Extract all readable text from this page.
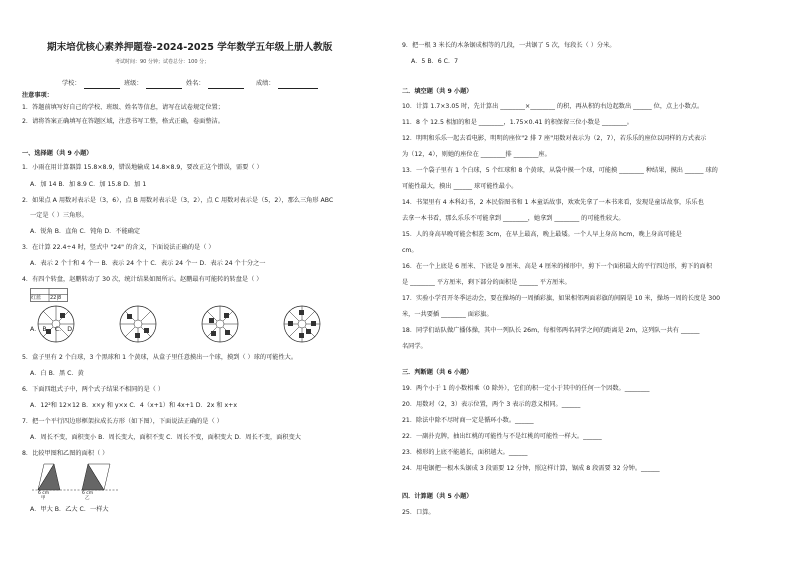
期末培优核心素养押题卷-2024-2025 学年数学五年级上册人教版
考试时间：90 分钟；试卷总分：100 分；
学校：	班级：	姓名：	成绩：
注意事项：
1．答题前填写好自己的学校、班级、姓名等信息，请写在试卷规定位置；
2．请将答案正确填写在答题区域，注意书写工整，格式正确，卷面整洁。
一、选择题（共 9 小题）
1．小雨在用计算器算 15.8×8.9，错误地输成 14.8×8.9，要改正这个错误，需要（ ）
A．加 14 B．加 8.9 C．加 15.8 D．加 1
2．如果点 A 用数对表示是（3，6），点 B 用数对表示是（3，2），点 C 用数对表示是（5，2），那么三角形 ABC
一定是（ ）三角形。
A．锐角 B．直角 C．钝角 D．不能确定
3．在计算 22.4÷4 时，竖式中 "24" 的含义，下面说法正确的是（ ）
A．表示 2 个十和 4 个一 B．表示 24 个十 C．表示 24 个一 D．表示 24 个十分之一
4．有四个转盘，赵鹏转动了 30 次，统计结果如图所示。赵鹏最有可能转的转盘是（ ）
红蓝 22|8
A． B． C． D．
5．盒子里有 2 个白球，3 个黑球和 1 个黄球，从盒子里任意摸出一个球，摸到（ ）球的可能性大。
A．白 B．黑 C．黄
6．下面四组式子中，两个式子结果不相同的是（ ）
A．12²和 12×12 B．x×y 和 y×x C．4（x+1）和 4x+1 D．2x 和 x+x
7．把一个平行四边形框架拉成长方形（如下图），下面说法正确的是（ ）
A．周长不变，面积变小 B．周长变大，面积不变 C．周长不变，面积变大 D．周长不变，面积变大
8．比较甲图和乙图的面积（ ）
6 cm
甲
6 cm
乙
A．甲大 B．乙大 C．一样大
9．把一根 3 米长的木条锯成相等的几段，一共锯了 5 次，每段长（ ）分米。
A．5 B．6 C．7
二．填空题（共 9 小题）
10．计算 1.7×3.05 时，先计算出 ________×________ 的积，再从积的右边起数出 ______ 位，点上小数点。
11．8 个 12.5 相加的和是 ________，1.75×0.41 的积保留三位小数是 ________。
12．明明和乐乐一起去看电影，明明的座位"2 排 7 座"用数对表示为（2，7），若乐乐的座位以同样的方式表示
为（12，4），则她的座位在 ________排 ________座。
13．一个袋子里有 1 个白球，5 个红球和 8 个黄球，从袋中摸一个球，可能摸 ________ 种结果，摸出 ______ 球的
可能性最大，摸出 ______ 球可能性最小。
14．书架里有 4 本科幻书，2 本民俗图书和 1 本童话故事，欢欢先拿了一本书来看，发现是童话故事，乐乐也
去拿一本书看，那么乐乐不可能拿到 ________，她拿到 ________ 的可能性较大。
15．人的身高早晚可能会相差 3cm，在早上最高，晚上最矮。一个人早上身高 hcm，晚上身高可能是
cm。
16．在一个上底是 6 厘米、下底是 9 厘米、高是 4 厘米的梯形中，剪下一个面积最大的平行四边形，剪下的面积
是 ________ 平方厘米，剩下部分的面积是 ______ 平方厘米。
17．实验小学召开冬季运动会，要在操场的一周插彩旗，如果相邻两面彩旗的间隔是 10 米，操场一周的长度是 300
米，一共要插 ________ 面彩旗。
18．同学们站队做广播体操，其中一列队长 26m，每相邻两名同学之间的距离是 2m，这列队一共有 ______
名同学。
三．判断题（共 6 小题）
19．两个小于 1 的小数相乘（0 除外），它们的积一定小于其中的任何一个因数。________
20．用数对（2，3）表示位置，两个 3 表示的意义相同。______
21．除法中除不尽时商一定是循环小数。______
22．一副扑克牌，抽出红桃的可能性与不是红桃的可能性一样大。______
23．梯形的上底不能越长，面积越大。______
24．用电锯把一根木头锯成 3 段需要 12 分钟，照这样计算，锯成 8 段需要 32 分钟。______
四．计算题（共 5 小题）
25．口算。
